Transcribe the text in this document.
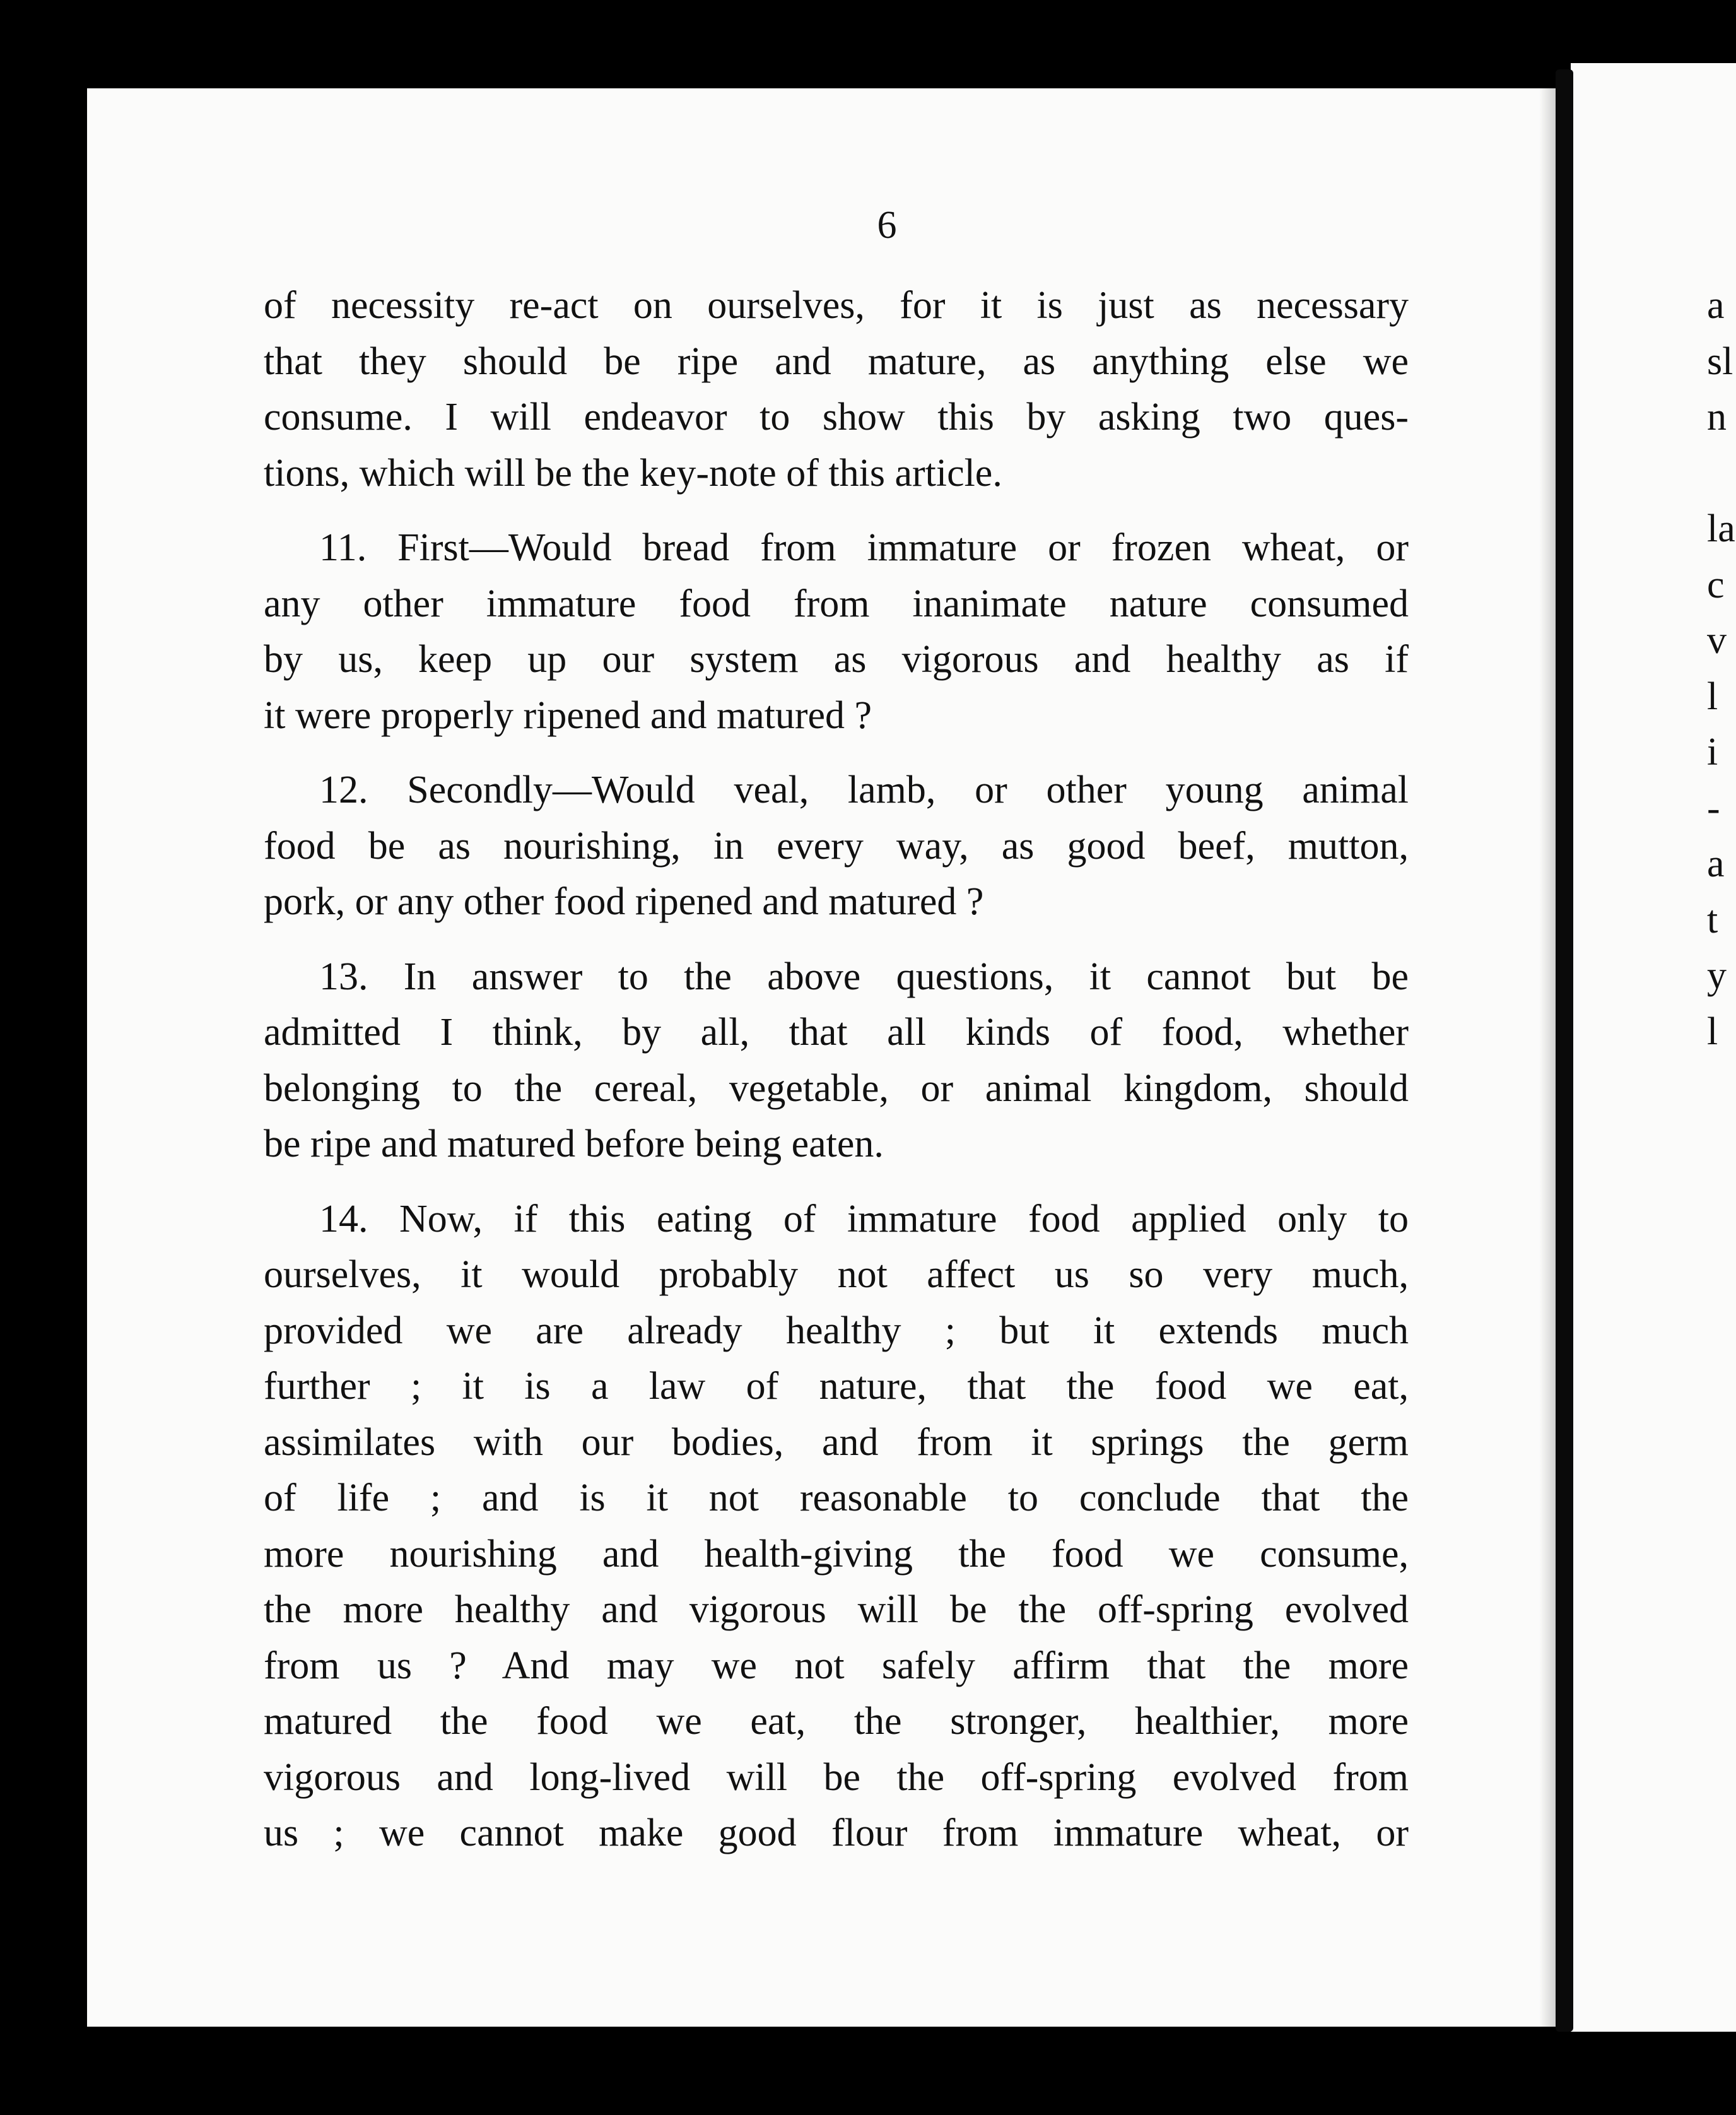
6
of necessity re-act on ourselves, for it is just as necessary
that they should be ripe and mature, as anything else we
consume. I will endeavor to show this by asking two ques-
tions, which will be the key-note of this article.
11. First—Would bread from immature or frozen wheat, or
any other immature food from inanimate nature consumed
by us, keep up our system as vigorous and healthy as if
it were properly ripened and matured ?
12. Secondly—Would veal, lamb, or other young animal
food be as nourishing, in every way, as good beef, mutton,
pork, or any other food ripened and matured ?
13. In answer to the above questions, it cannot but be
admitted I think, by all, that all kinds of food, whether
belonging to the cereal, vegetable, or animal kingdom, should
be ripe and matured before being eaten.
14. Now, if this eating of immature food applied only to
ourselves, it would probably not affect us so very much,
provided we are already healthy ; but it extends much
further ; it is a law of nature, that the food we eat,
assimilates with our bodies, and from it springs the germ
of life ; and is it not reasonable to conclude that the
more nourishing and health-giving the food we consume,
the more healthy and vigorous will be the off-spring evolved
from us ? And may we not safely affirm that the more
matured the food we eat, the stronger, healthier, more
vigorous and long-lived will be the off-spring evolved from
us ; we cannot make good flour from immature wheat, or
a
sl
n
la
c
v
l
i
-
a
t
y
l
